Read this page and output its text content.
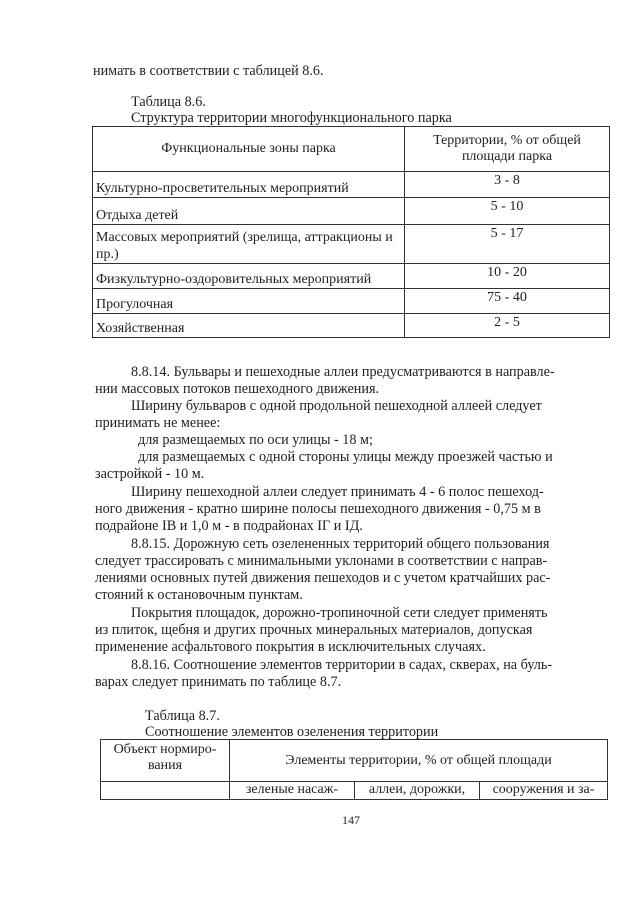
нимать в соответствии с таблицей 8.6.
Таблица 8.6.
Структура территории многофункционального парка
Функциональные зоны парка	Территории, % от общей
площади парка
Культурно-просветительных мероприятий	3 - 8
Отдыха детей	5 - 10
Массовых мероприятий (зрелища, аттракционы и пр.)	5 - 17
Физкультурно-оздоровительных мероприятий	10 - 20
Прогулочная	75 - 40
Хозяйственная	2 - 5
8.8.14. Бульвары и пешеходные аллеи предусматриваются в направле-
нии массовых потоков пешеходного движения.
Ширину бульваров с одной продольной пешеходной аллеей следует
принимать не менее:
для размещаемых по оси улицы - 18 м;
для размещаемых с одной стороны улицы между проезжей частью и
застройкой - 10 м.
Ширину пешеходной аллеи следует принимать 4 - 6 полос пешеход-
ного движения - кратно ширине полосы пешеходного движения - 0,75 м в
подрайоне IB и 1,0 м - в подрайонах IГ и IД.
8.8.15. Дорожную сеть озелененных территорий общего пользования
следует трассировать с минимальными уклонами в соответствии с направ-
лениями основных путей движения пешеходов и с учетом кратчайших рас-
стояний к остановочным пунктам.
Покрытия площадок, дорожно-тропиночной сети следует применять
из плиток, щебня и других прочных минеральных материалов, допуская
применение асфальтового покрытия в исключительных случаях.
8.8.16. Соотношение элементов территории в садах, скверах, на буль-
варах следует принимать по таблице 8.7.
Таблица 8.7.
Соотношение элементов озеленения территории
Объект нормиро-вания	Элементы территории, % от общей площади		
	зеленые насаж-	аллеи, дорожки,	сооружения и за-
147
